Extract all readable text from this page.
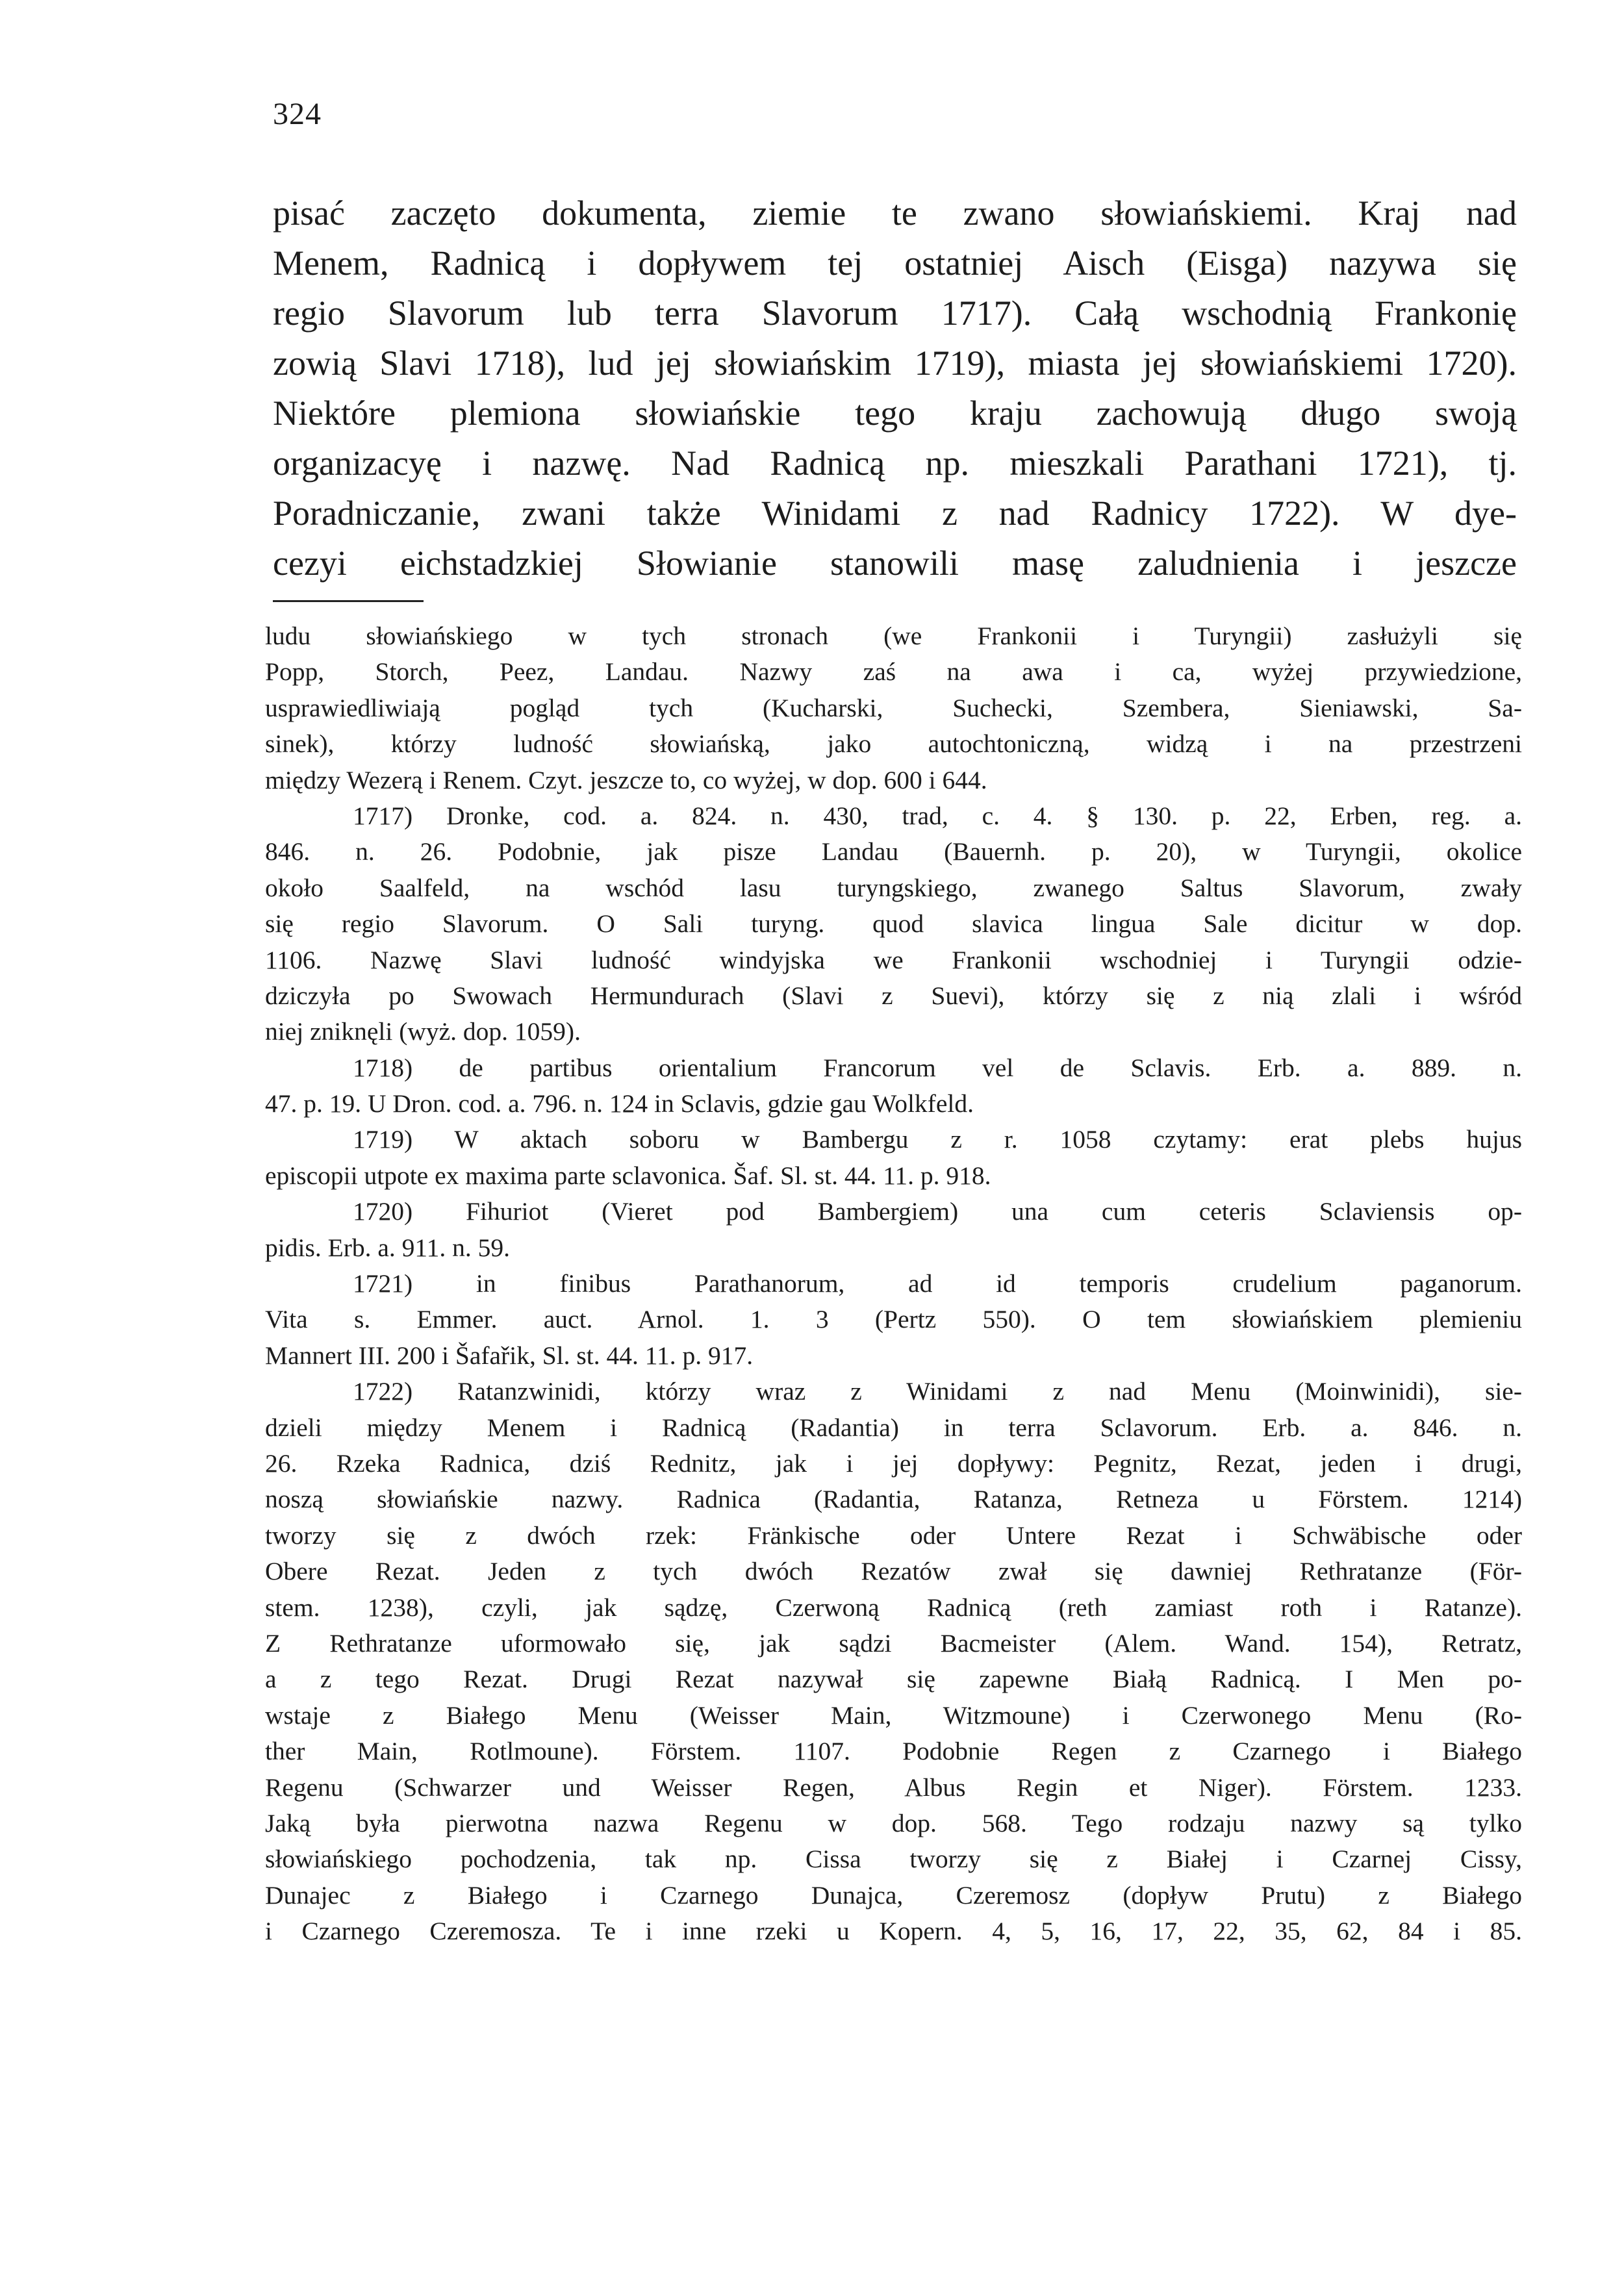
324
pisać zaczęto dokumenta, ziemie te zwano słowiańskiemi. Kraj nad
Menem, Radnicą i dopływem tej ostatniej Aisch (Eisga) nazywa się
regio Slavorum lub terra Slavorum 1717). Całą wschodnią Frankonię
zowią Slavi 1718), lud jej słowiańskim 1719), miasta jej słowiańskiemi 1720).
Niektóre plemiona słowiańskie tego kraju zachowują długo swoją
organizacyę i nazwę. Nad Radnicą np. mieszkali Parathani 1721), tj.
Poradniczanie, zwani także Winidami z nad Radnicy 1722). W dye-
cezyi eichstadzkiej Słowianie stanowili masę zaludnienia i jeszcze
ludu słowiańskiego w tych stronach (we Frankonii i Turyngii) zasłużyli się
Popp, Storch, Peez, Landau. Nazwy zaś na awa i ca, wyżej przywiedzione,
usprawiedliwiają pogląd tych (Kucharski, Suchecki, Szembera, Sieniawski, Sa-
sinek), którzy ludność słowiańską, jako autochtoniczną, widzą i na przestrzeni
między Wezerą i Renem. Czyt. jeszcze to, co wyżej, w dop. 600 i 644.
1717) Dronke, cod. a. 824. n. 430, trad, c. 4. § 130. p. 22, Erben, reg. a.
846. n. 26. Podobnie, jak pisze Landau (Bauernh. p. 20), w Turyngii, okolice
około Saalfeld, na wschód lasu turyngskiego, zwanego Saltus Slavorum, zwały
się regio Slavorum. O Sali turyng. quod slavica lingua Sale dicitur w dop.
1106. Nazwę Slavi ludność windyjska we Frankonii wschodniej i Turyngii odzie-
dziczyła po Swowach Hermundurach (Slavi z Suevi), którzy się z nią zlali i wśród
niej zniknęli (wyż. dop. 1059).
1718) de partibus orientalium Francorum vel de Sclavis. Erb. a. 889. n.
47. p. 19. U Dron. cod. a. 796. n. 124 in Sclavis, gdzie gau Wolkfeld.
1719) W aktach soboru w Bambergu z r. 1058 czytamy: erat plebs hujus
episcopii utpote ex maxima parte sclavonica. Šaf. Sl. st. 44. 11. p. 918.
1720) Fihuriot (Vieret pod Bambergiem) una cum ceteris Sclaviensis op-
pidis. Erb. a. 911. n. 59.
1721) in finibus Parathanorum, ad id temporis crudelium paganorum.
Vita s. Emmer. auct. Arnol. 1. 3 (Pertz 550). O tem słowiańskiem plemieniu
Mannert III. 200 i Šafařik, Sl. st. 44. 11. p. 917.
1722) Ratanzwinidi, którzy wraz z Winidami z nad Menu (Moinwinidi), sie-
dzieli między Menem i Radnicą (Radantia) in terra Sclavorum. Erb. a. 846. n.
26. Rzeka Radnica, dziś Rednitz, jak i jej dopływy: Pegnitz, Rezat, jeden i drugi,
noszą słowiańskie nazwy. Radnica (Radantia, Ratanza, Retneza u Förstem. 1214)
tworzy się z dwóch rzek: Fränkische oder Untere Rezat i Schwäbische oder
Obere Rezat. Jeden z tych dwóch Rezatów zwał się dawniej Rethratanze (För-
stem. 1238), czyli, jak sądzę, Czerwoną Radnicą (reth zamiast roth i Ratanze).
Z Rethratanze uformowało się, jak sądzi Bacmeister (Alem. Wand. 154), Retratz,
a z tego Rezat. Drugi Rezat nazywał się zapewne Białą Radnicą. I Men po-
wstaje z Białego Menu (Weisser Main, Witzmoune) i Czerwonego Menu (Ro-
ther Main, Rotlmoune). Förstem. 1107. Podobnie Regen z Czarnego i Białego
Regenu (Schwarzer und Weisser Regen, Albus Regin et Niger). Förstem. 1233.
Jaką była pierwotna nazwa Regenu w dop. 568. Tego rodzaju nazwy są tylko
słowiańskiego pochodzenia, tak np. Cissa tworzy się z Białej i Czarnej Cissy,
Dunajec z Białego i Czarnego Dunajca, Czeremosz (dopływ Prutu) z Białego
i Czarnego Czeremosza. Te i inne rzeki u Kopern. 4, 5, 16, 17, 22, 35, 62, 84 i 85.
